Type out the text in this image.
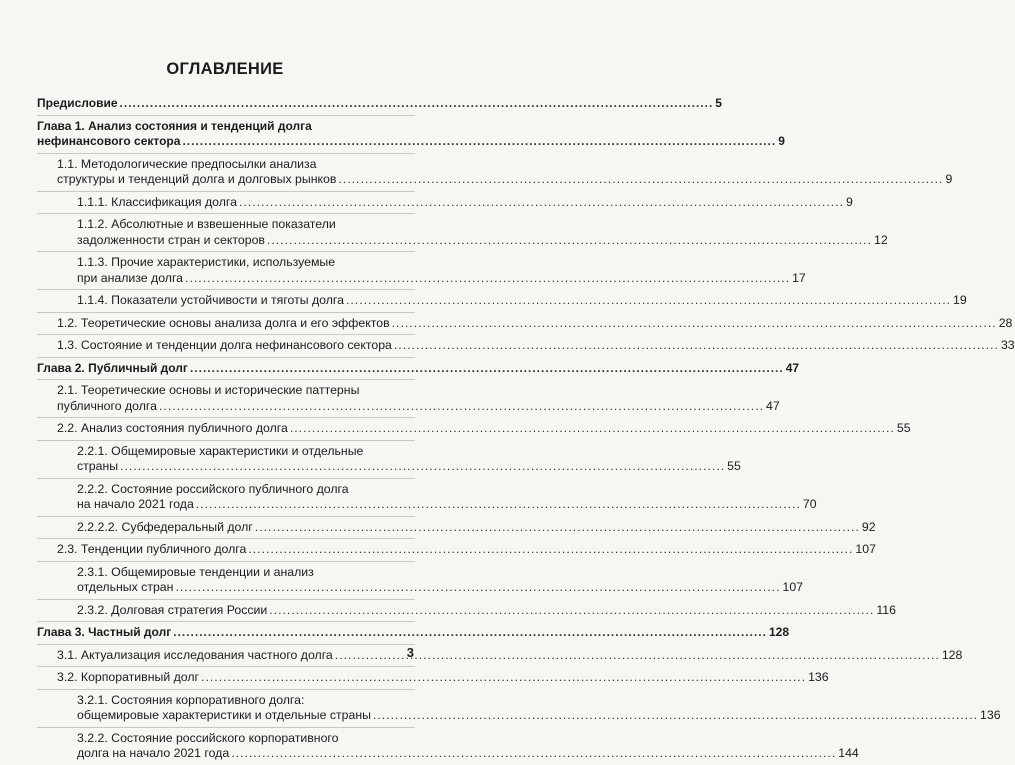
ОГЛАВЛЕНИЕ
Предисловие .....	5
Глава 1. Анализ состояния и тенденций долга
нефинансового сектора .....	9
1.1. Методологические предпосылки анализа
структуры и тенденций долга и долговых рынков .....	9
1.1.1. Классификация долга .....	9
1.1.2. Абсолютные и взвешенные показатели
задолженности стран и секторов .....	12
1.1.3. Прочие характеристики, используемые
при анализе долга .....	17
1.1.4. Показатели устойчивости и тяготы долга .....	19
1.2. Теоретические основы анализа долга и его эффектов .....	28
1.3. Состояние и тенденции долга нефинансового сектора .....	33
Глава 2. Публичный долг .....	47
2.1. Теоретические основы и исторические паттерны
публичного долга .....	47
2.2. Анализ состояния публичного долга .....	55
2.2.1. Общемировые характеристики и отдельные
страны .....	55
2.2.2. Состояние российского публичного долга
на начало 2021 года .....	70
2.2.2.2. Субфедеральный долг .....	92
2.3. Тенденции публичного долга .....	107
2.3.1. Общемировые тенденции и анализ
отдельных стран .....	107
2.3.2. Долговая стратегия России .....	116
Глава 3. Частный долг .....	128
3.1. Актуализация исследования частного долга .....	128
3.2. Корпоративный долг .....	136
3.2.1. Состояния корпоративного долга:
общемировые характеристики и отдельные страны .....	136
3.2.2. Состояние российского корпоративного
долга на начало 2021 года .....	144
3
